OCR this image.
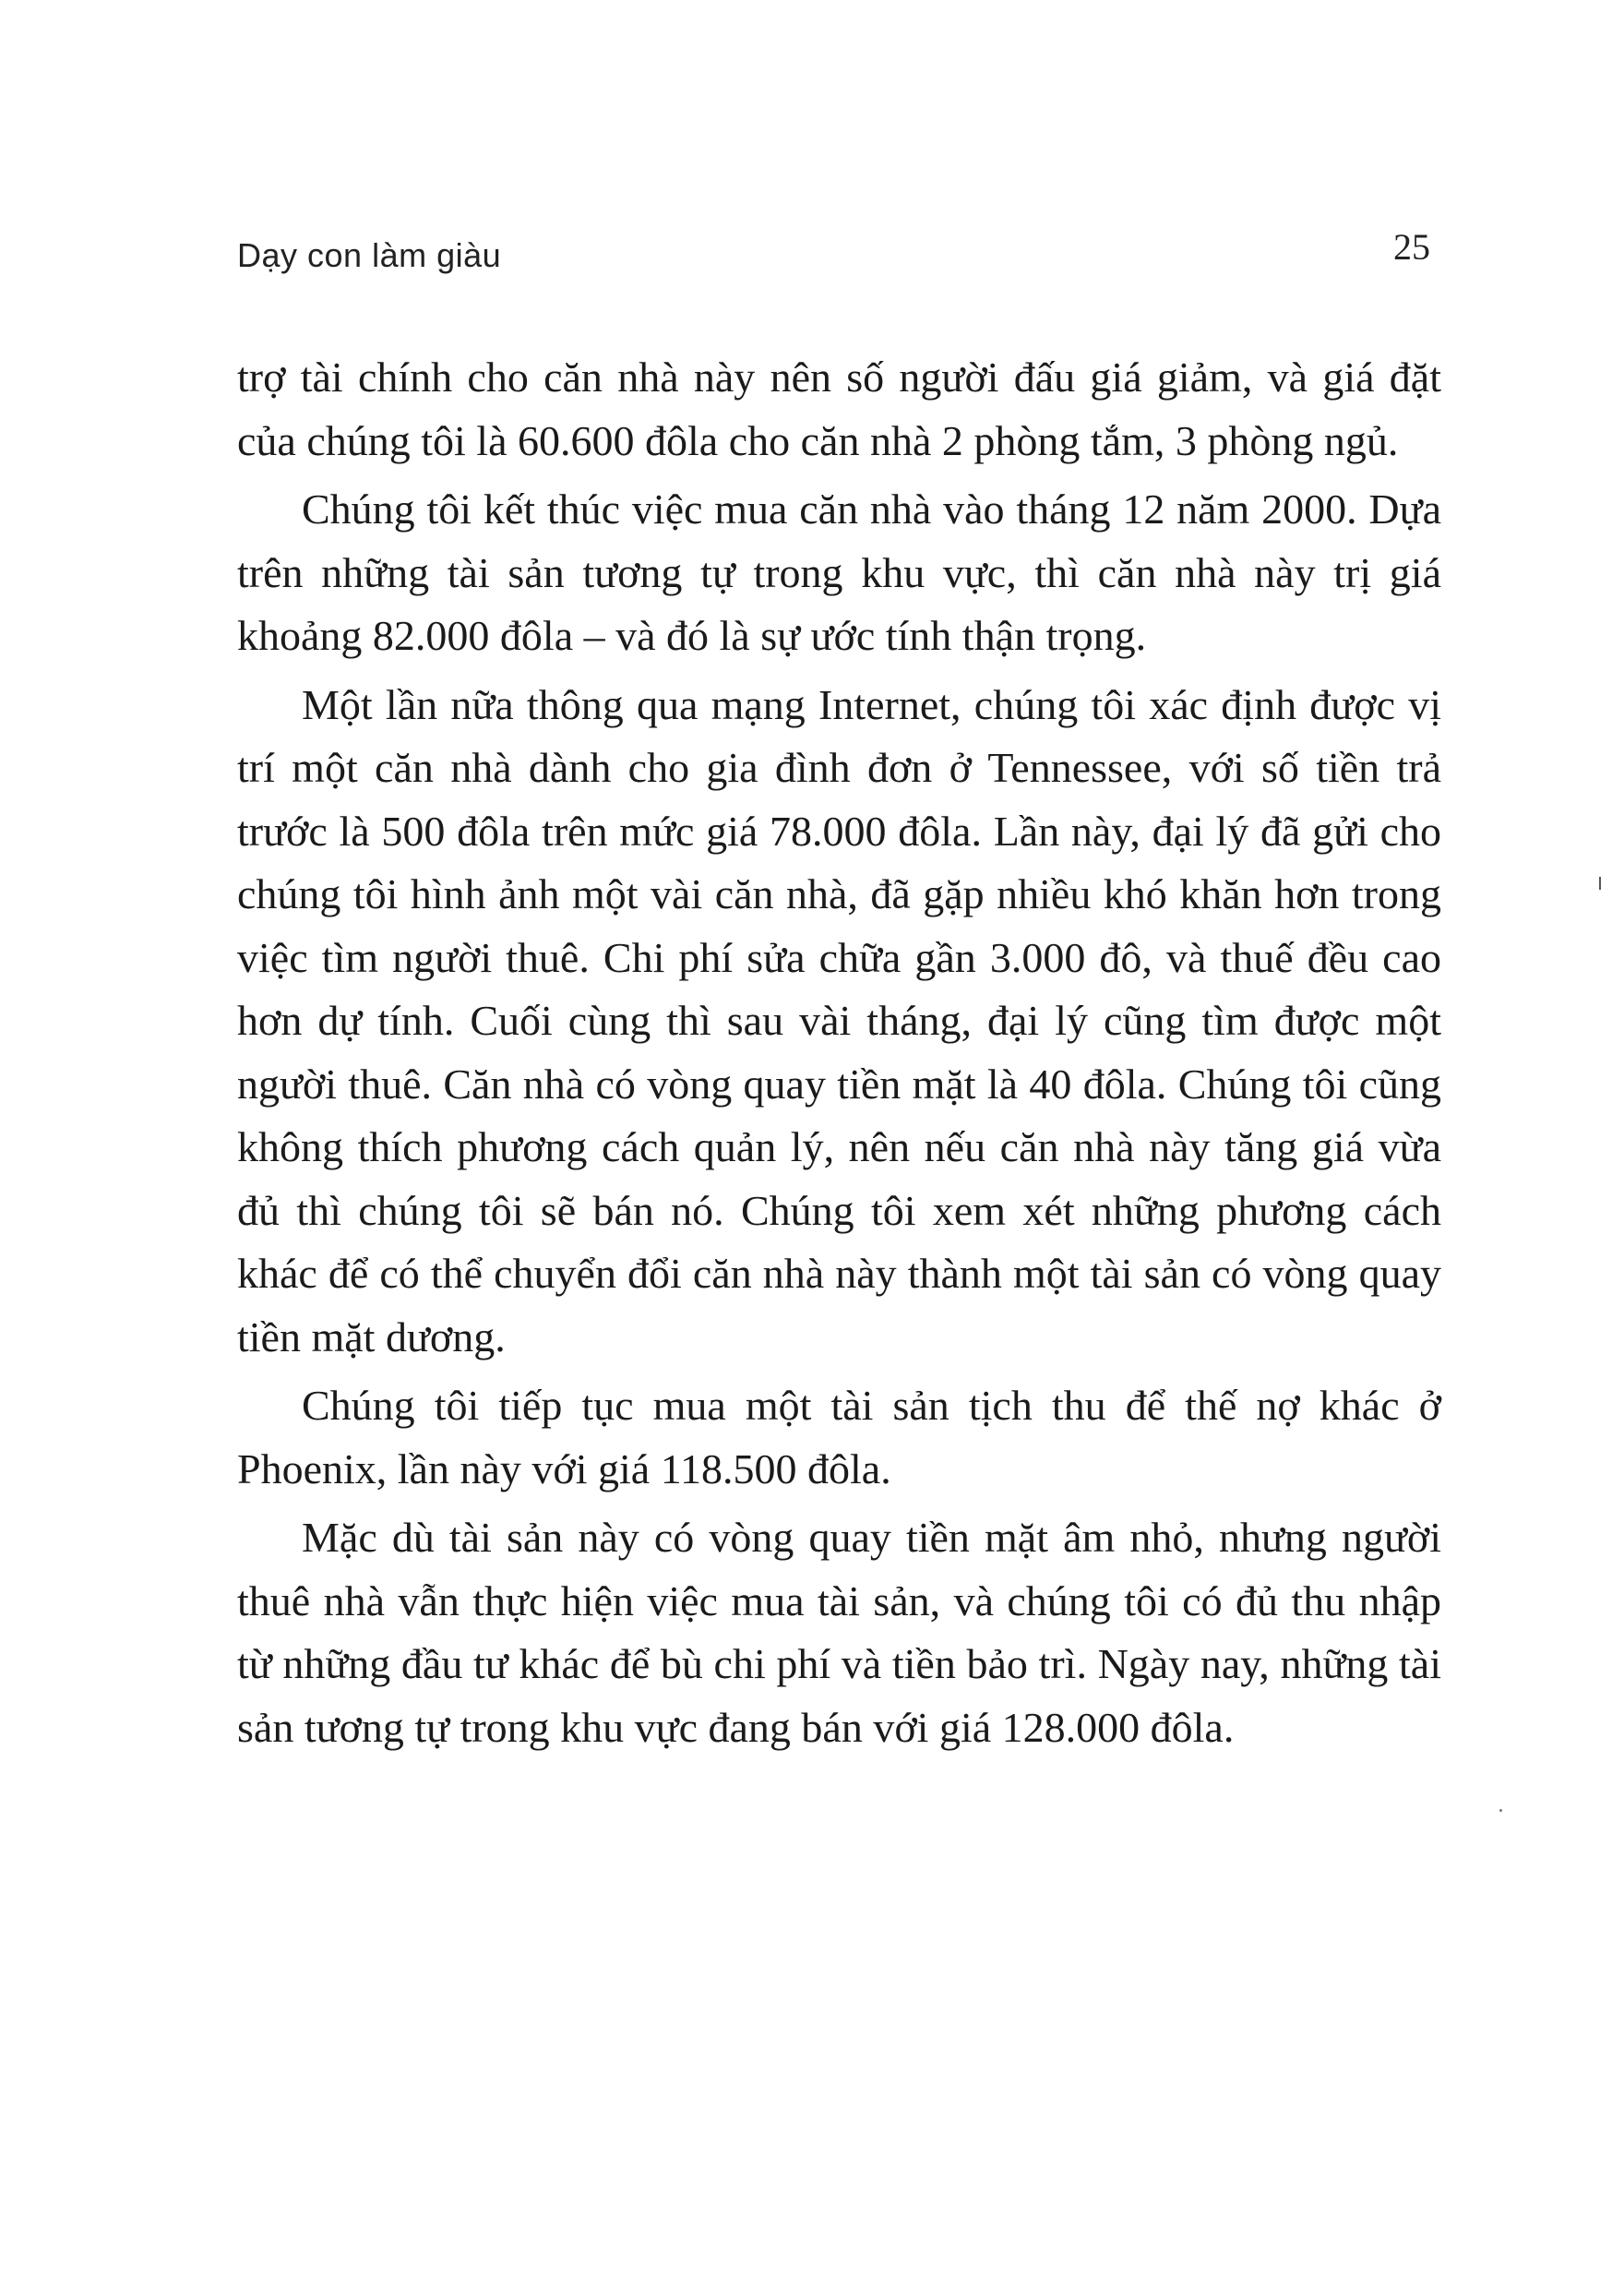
Dạy con làm giàu	25

trợ tài chính cho căn nhà này nên số người đấu giá giảm, và giá đặt của chúng tôi là 60.600 đôla cho căn nhà 2 phòng tắm, 3 phòng ngủ.

Chúng tôi kết thúc việc mua căn nhà vào tháng 12 năm 2000. Dựa trên những tài sản tương tự trong khu vực, thì căn nhà này trị giá khoảng 82.000 đôla – và đó là sự ước tính thận trọng.

Một lần nữa thông qua mạng Internet, chúng tôi xác định được vị trí một căn nhà dành cho gia đình đơn ở Tennessee, với số tiền trả trước là 500 đôla trên mức giá 78.000 đôla. Lần này, đại lý đã gửi cho chúng tôi hình ảnh một vài căn nhà, đã gặp nhiều khó khăn hơn trong việc tìm người thuê. Chi phí sửa chữa gần 3.000 đô, và thuế đều cao hơn dự tính. Cuối cùng thì sau vài tháng, đại lý cũng tìm được một người thuê. Căn nhà có vòng quay tiền mặt là 40 đôla. Chúng tôi cũng không thích phương cách quản lý, nên nếu căn nhà này tăng giá vừa đủ thì chúng tôi sẽ bán nó. Chúng tôi xem xét những phương cách khác để có thể chuyển đổi căn nhà này thành một tài sản có vòng quay tiền mặt dương.

Chúng tôi tiếp tục mua một tài sản tịch thu để thế nợ khác ở Phoenix, lần này với giá 118.500 đôla.

Mặc dù tài sản này có vòng quay tiền mặt âm nhỏ, nhưng người thuê nhà vẫn thực hiện việc mua tài sản, và chúng tôi có đủ thu nhập từ những đầu tư khác để bù chi phí và tiền bảo trì. Ngày nay, những tài sản tương tự trong khu vực đang bán với giá 128.000 đôla.
